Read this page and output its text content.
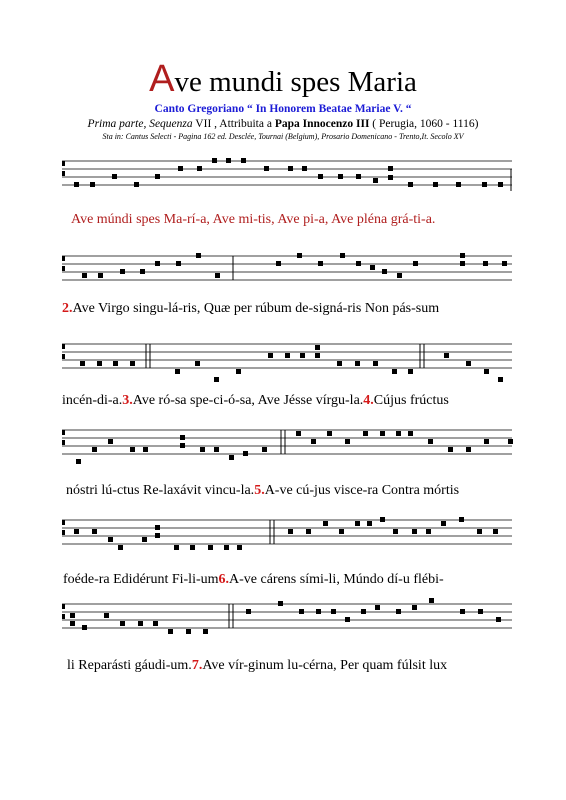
Ave mundi spes Maria
Canto Gregoriano “ In Honorem Beatae Mariae V. “
Prima parte, Sequenza VII , Attribuita a Papa Innocenzo III ( Perugia, 1060 - 1116)
Sta in: Cantus Selecti - Pagina 162 ed. Desclée, Tournai (Belgium), Prosario Domenicano - Trento,It. Secolo XV
Ave múndi spes Ma-rí-a, Ave mi-tis, Ave pi-a, Ave pléna grá-ti-a.
2.Ave Virgo singu-lá-ris, Quæ per rúbum de-signá-ris Non pás-sum
incén-di-a.3.Ave ró-sa spe-ci-ó-sa, Ave Jésse vírgu-la.4.Cújus frúctus
nóstri lú-ctus Re-laxávit vincu-la.5.A-ve cú-jus visce-ra Contra mórtis
foéde-ra Edidérunt Fi-li-um6.A-ve cárens sími-li, Múndo dí-u flébi-
li Reparásti gáudi-um.7.Ave vír-ginum lu-cérna, Per quam fúlsit lux
